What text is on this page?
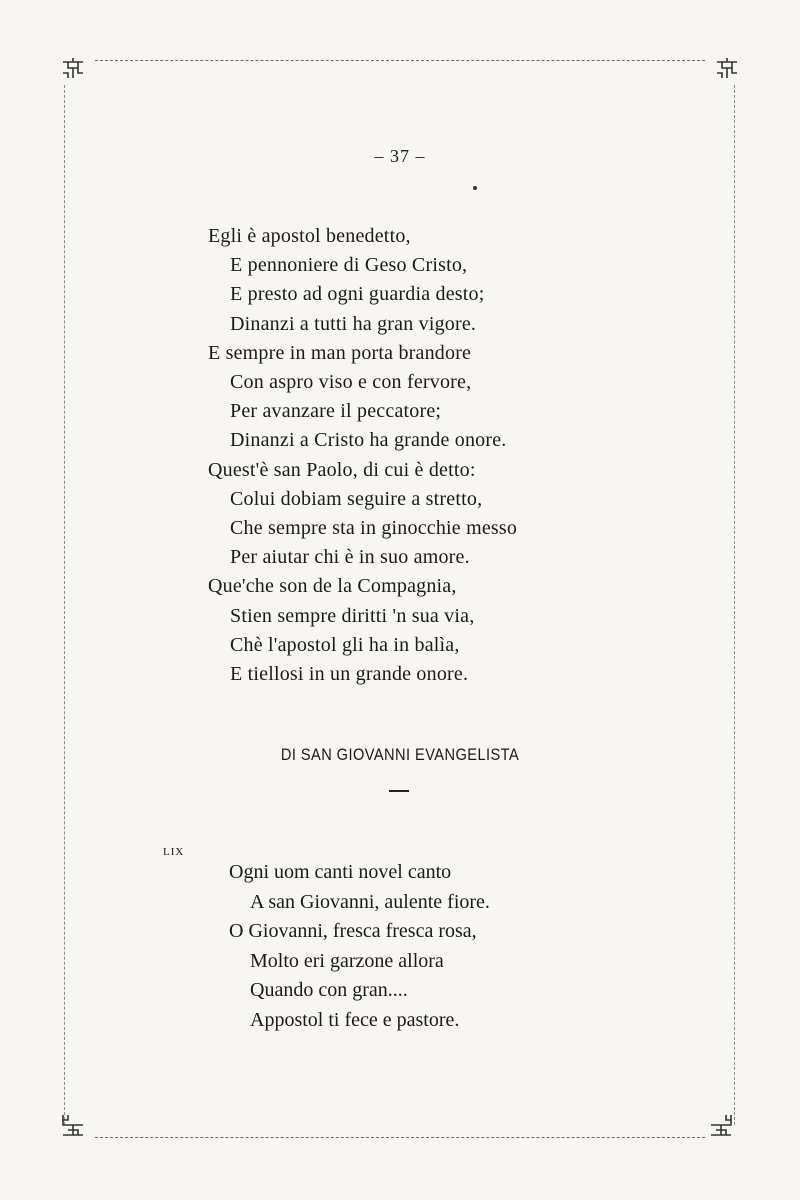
– 37 –
Egli è apostol benedetto,
E pennoniere di Geso Cristo,
E presto ad ogni guardia desto;
Dinanzi a tutti ha gran vigore.
E sempre in man porta brandore
Con aspro viso e con fervore,
Per avanzare il peccatore;
Dinanzi a Cristo ha grande onore.
Quest'è san Paolo, di cui è detto:
Colui dobiam seguire a stretto,
Che sempre sta in ginocchie messo
Per aiutar chi è in suo amore.
Que'che son de la Compagnia,
Stien sempre diritti 'n sua via,
Chè l'apostol gli ha in balìa,
E tiellosi in un grande onore.
DI SAN GIOVANNI EVANGELISTA
LIX
Ogni uom canti novel canto
A san Giovanni, aulente fiore.
O Giovanni, fresca fresca rosa,
Molto eri garzone allora
Quando con gran....
Appostol ti fece e pastore.
